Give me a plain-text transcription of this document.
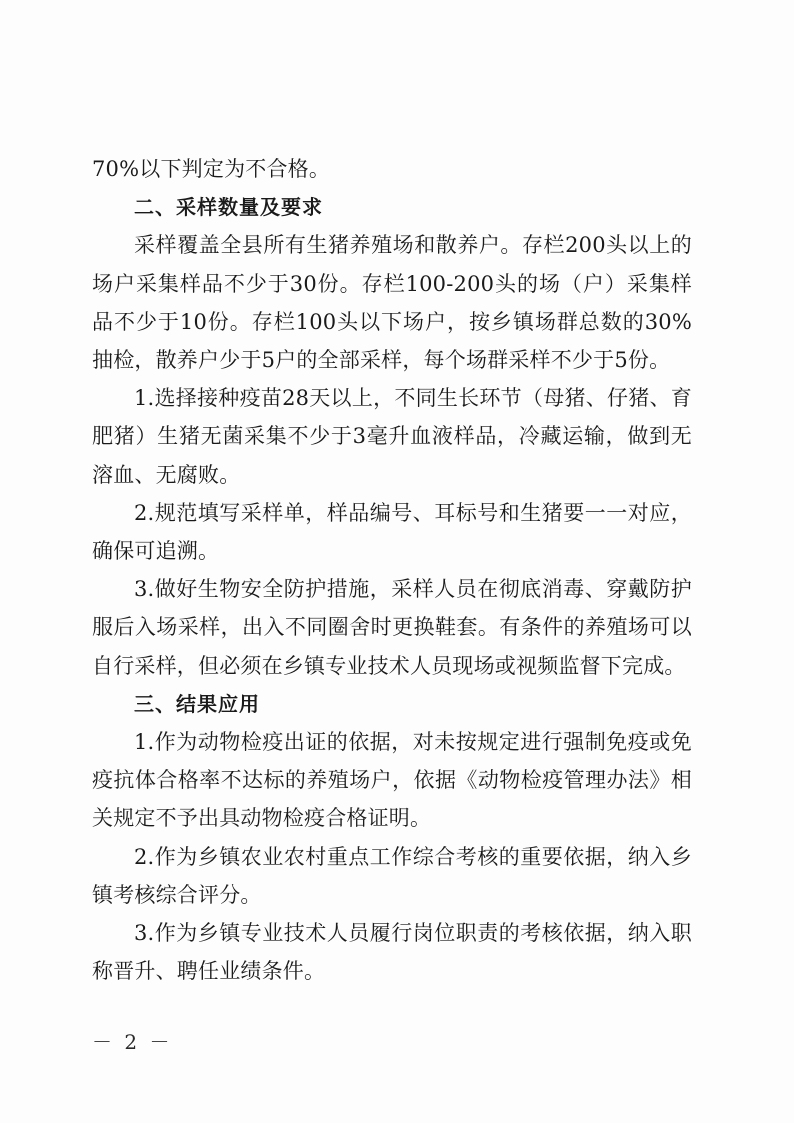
70%以下判定为不合格。

二、采样数量及要求

采样覆盖全县所有生猪养殖场和散养户。存栏200头以上的场户采集样品不少于30份。存栏100-200头的场（户）采集样品不少于10份。存栏100头以下场户，按乡镇场群总数的30%抽检，散养户少于5户的全部采样，每个场群采样不少于5份。

1.选择接种疫苗28天以上，不同生长环节（母猪、仔猪、育肥猪）生猪无菌采集不少于3毫升血液样品，冷藏运输，做到无溶血、无腐败。

2.规范填写采样单，样品编号、耳标号和生猪要一一对应，确保可追溯。

3.做好生物安全防护措施，采样人员在彻底消毒、穿戴防护服后入场采样，出入不同圈舍时更换鞋套。有条件的养殖场可以自行采样，但必须在乡镇专业技术人员现场或视频监督下完成。

三、结果应用

1.作为动物检疫出证的依据，对未按规定进行强制免疫或免疫抗体合格率不达标的养殖场户，依据《动物检疫管理办法》相关规定不予出具动物检疫合格证明。

2.作为乡镇农业农村重点工作综合考核的重要依据，纳入乡镇考核综合评分。

3.作为乡镇专业技术人员履行岗位职责的考核依据，纳入职称晋升、聘任业绩条件。

－ 2 －
